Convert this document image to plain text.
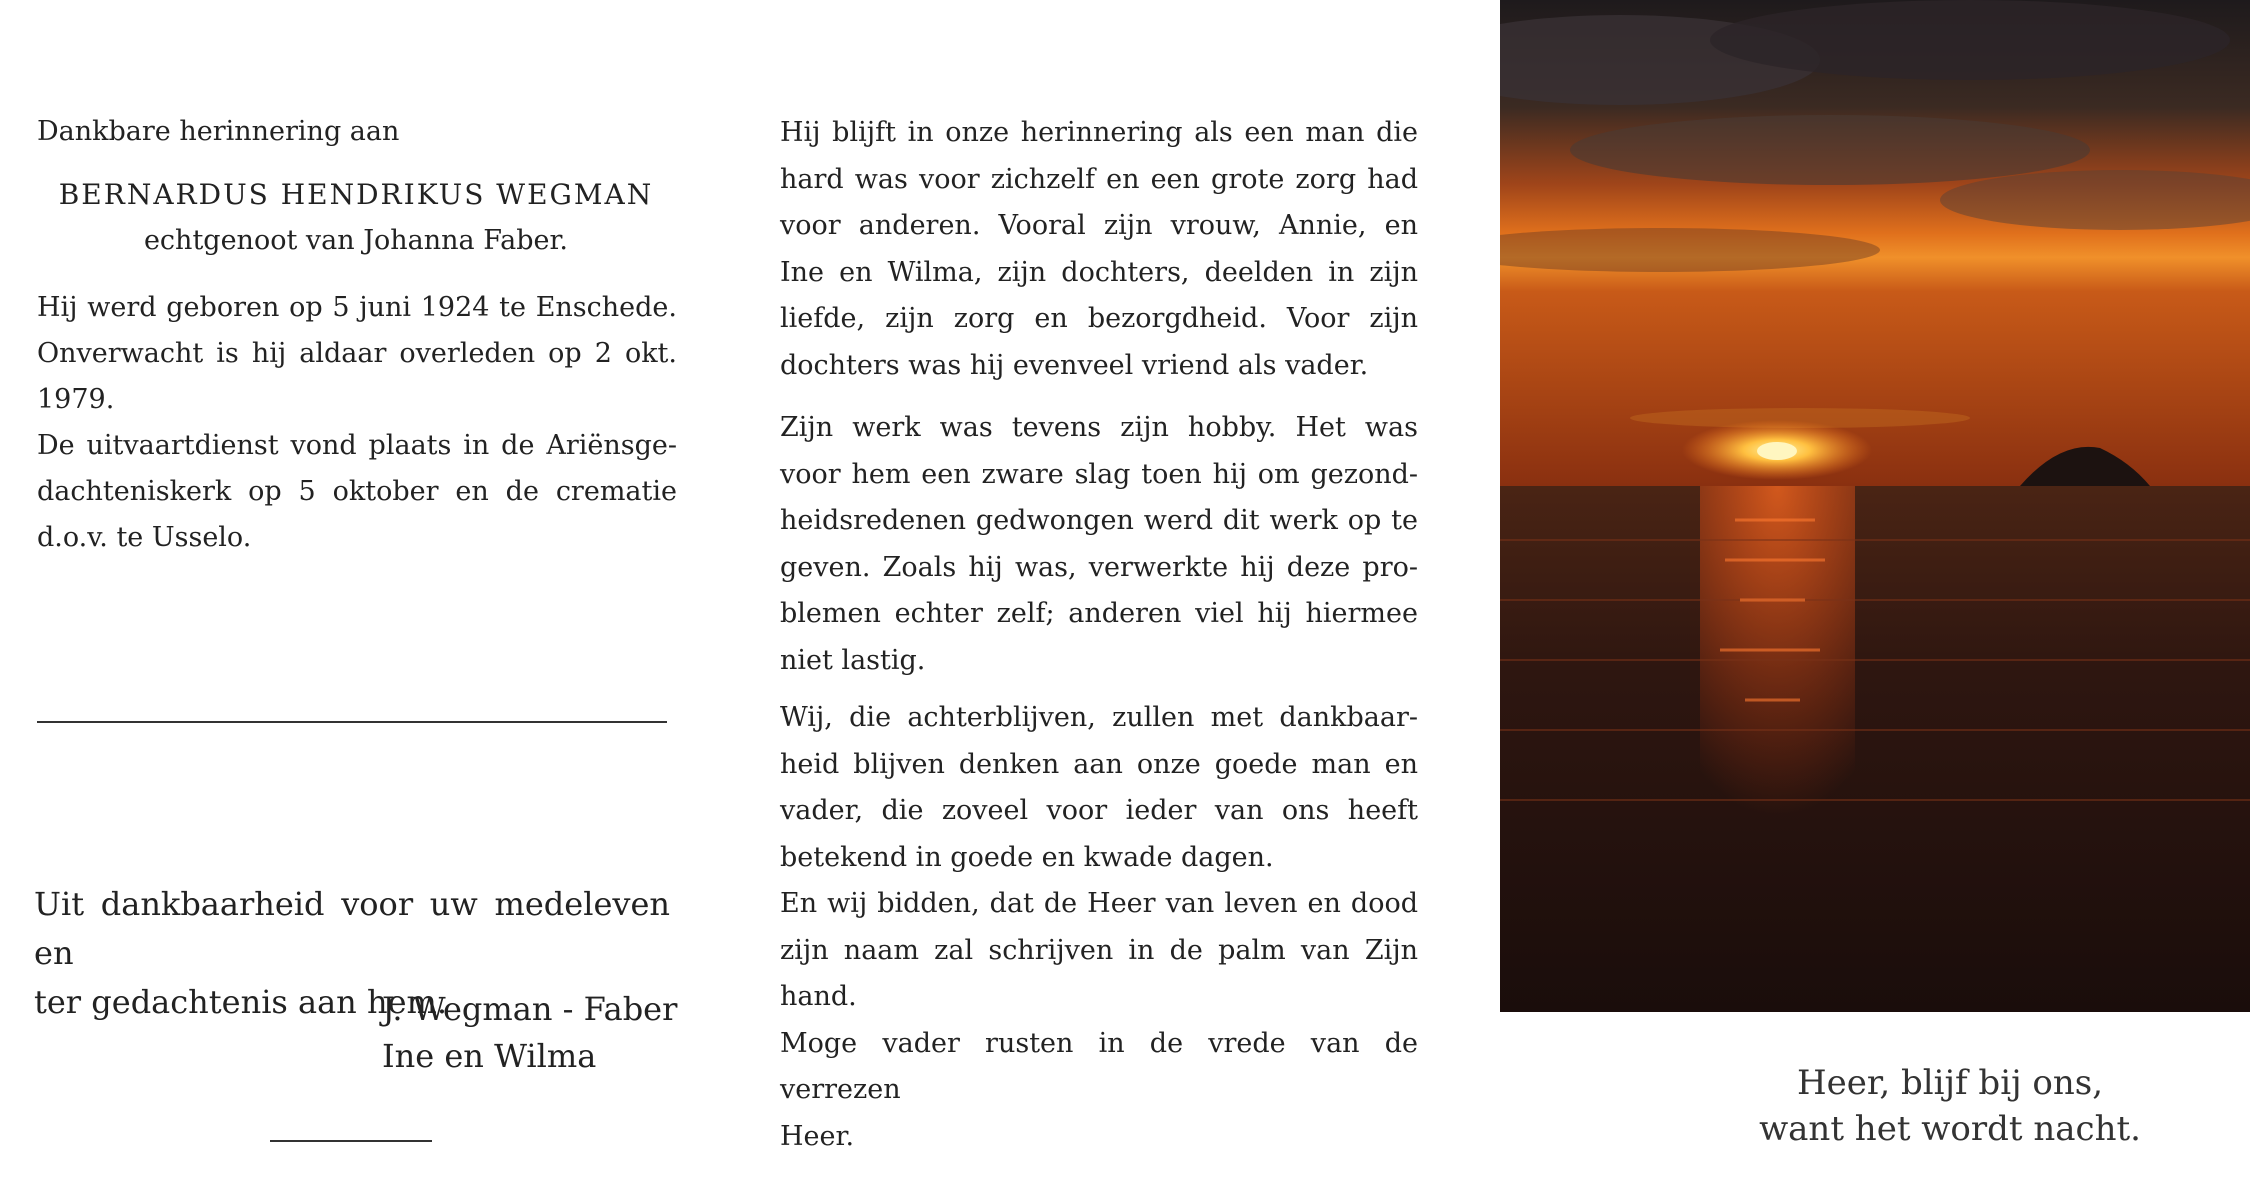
Dankbare herinnering aan
BERNARDUS HENDRIKUS WEGMAN
echtgenoot van Johanna Faber.
Hij werd geboren op 5 juni 1924 te Enschede.
Onverwacht is hij aldaar overleden op 2 okt.
1979.
De uitvaartdienst vond plaats in de Ariënsge-
dachteniskerk op 5 oktober en de crematie
d.o.v. te Usselo.
Uit dankbaarheid voor uw medeleven en
ter gedachtenis aan hem.
J. Wegman - Faber
Ine en Wilma
Hij blijft in onze herinnering als een man die
hard was voor zichzelf en een grote zorg had
voor anderen. Vooral zijn vrouw, Annie, en
Ine en Wilma, zijn dochters, deelden in zijn
liefde, zijn zorg en bezorgdheid. Voor zijn
dochters was hij evenveel vriend als vader.
Zijn werk was tevens zijn hobby. Het was
voor hem een zware slag toen hij om gezond-
heidsredenen gedwongen werd dit werk op te
geven. Zoals hij was, verwerkte hij deze pro-
blemen echter zelf; anderen viel hij hiermee
niet lastig.
Wij, die achterblijven, zullen met dankbaar-
heid blijven denken aan onze goede man en
vader, die zoveel voor ieder van ons heeft
betekend in goede en kwade dagen.
En wij bidden, dat de Heer van leven en dood
zijn naam zal schrijven in de palm van Zijn
hand.
Moge vader rusten in de vrede van de verrezen
Heer.
Heer, blijf bij ons,
want het wordt nacht.
